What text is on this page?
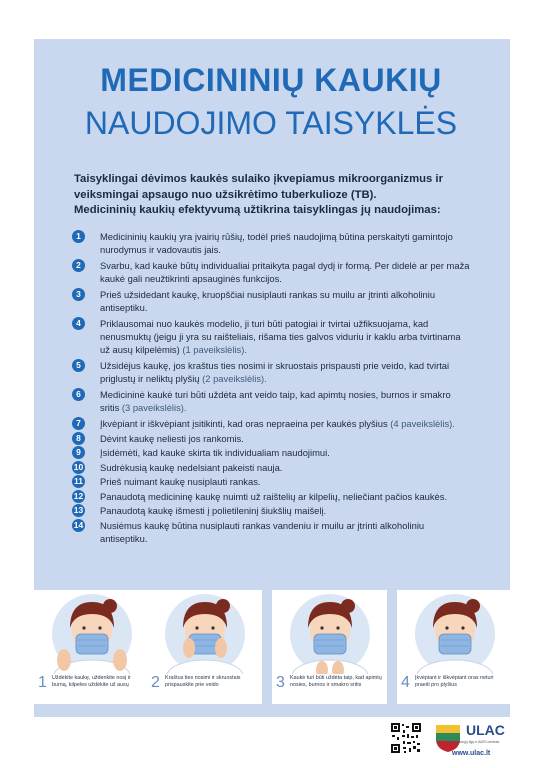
MEDICININIŲ KAUKIŲ
NAUDOJIMO TAISYKLĖS
Taisyklingai dėvimos kaukės sulaiko įkvepiamus mikroorganizmus ir
veiksmingai apsaugo nuo užsikrėtimo tuberkulioze (TB).
Medicininių kaukių efektyvumą užtikrina taisyklingas jų naudojimas:
1	Medicininių kaukių yra įvairių rūšių, todėl prieš naudojimą būtina perskaityti gamintojo nurodymus ir vadovautis jais.
2	Svarbu, kad kaukė būtų individualiai pritaikyta pagal dydį ir formą. Per didelė ar per maža kaukė gali neužtikrinti apsauginės funkcijos.
3	Prieš užsidedant kaukę, kruopščiai nusiplauti rankas su muilu ar įtrinti alkoholiniu antiseptiku.
4	Priklausomai nuo kaukės modelio, ji turi būti patogiai ir tvirtai užfiksuojama, kad nenusmuktų (jeigu ji yra su raišteliais, rišama ties galvos viduriu ir kaklu arba tvirtinama už ausų kilpelėmis) (1 paveikslėlis).
5	Užsidėjus kaukę, jos kraštus ties nosimi ir skruostais prispausti prie veido, kad tvirtai priglustų ir neliktų plyšių (2 paveikslėlis).
6	Medicininė kaukė turi būti uždėta ant veido taip, kad apimtų nosies, burnos ir smakro sritis (3 paveikslėlis).
7	Įkvėpiant ir iškvėpiant įsitikinti, kad oras nepraeina per kaukės plyšius (4 paveikslėlis).
8	Dėvint kaukę neliesti jos rankomis.
9	Įsidėmėti, kad kaukė skirta tik individualiam naudojimui.
10 Sudrėkusią kaukę nedelsiant pakeisti nauja.
11 Prieš nuimant kaukę nusiplauti rankas.
12 Panaudotą medicininę kaukę nuimti už raištelių ar kilpelių, neliečiant pačios kaukės.
13 Panaudotą kaukę išmesti į polietileninį šiukšlių maišelį.
14 Nusiėmus kaukę būtina nusiplauti rankas vandeniu ir muilu ar įtrinti alkoholiniu antiseptiku.
1 Uždėkite kaukę, uždenkite nosį ir burną, kilpeles uždėkite už ausų	2 Kraštus ties nosimi ir skruostais prispauskite prie veido	3 Kaukė turi būti uždėta taip, kad apimtų nosies, burnos ir smakro sritis	4 Įkvėpiant ir iškvėpiant oras neturi praeiti pro plyšius
ULAC
Užkrečiamųjų ligų ir AIDS centras
www.ulac.lt
